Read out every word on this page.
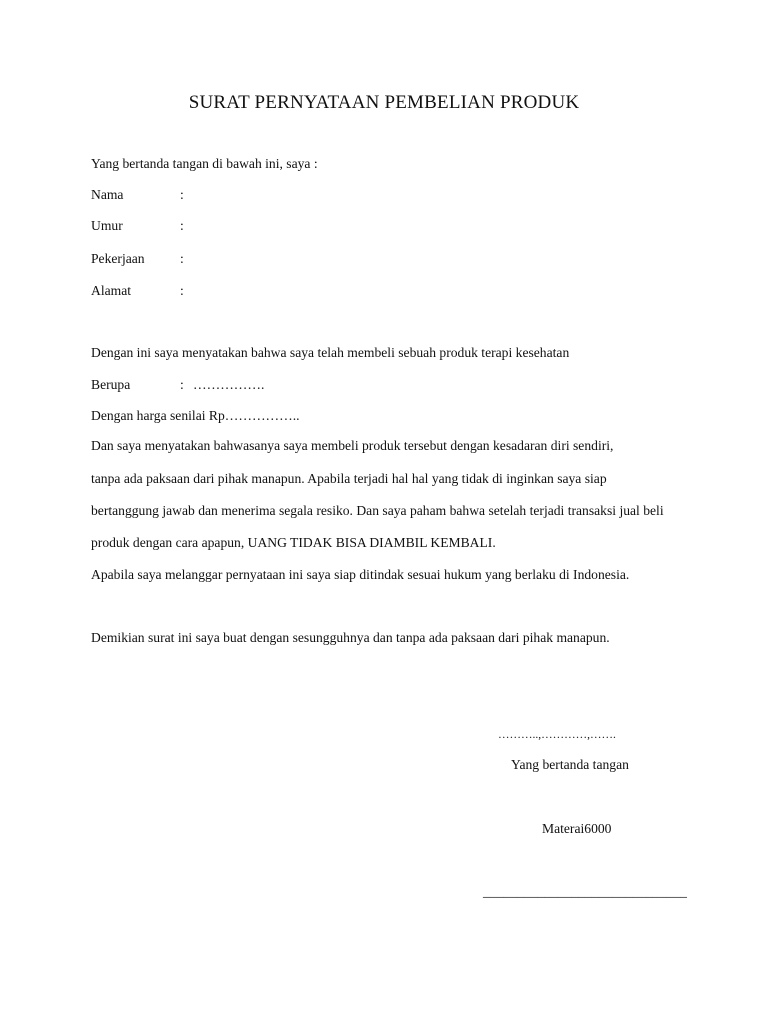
SURAT PERNYATAAN PEMBELIAN PRODUK
Yang bertanda tangan di bawah ini, saya :
Nama	:
Umur	:
Pekerjaan	:
Alamat	:
Dengan ini saya menyatakan bahwa saya telah membeli sebuah produk terapi kesehatan
Berupa	: …………….
Dengan harga senilai Rp……………..
Dan saya menyatakan bahwasanya saya membeli produk tersebut dengan kesadaran diri sendiri,
tanpa ada paksaan dari pihak manapun. Apabila terjadi hal hal yang tidak di inginkan saya siap
bertanggung jawab dan menerima segala resiko. Dan saya paham bahwa setelah terjadi transaksi jual beli
produk dengan cara apapun, UANG TIDAK BISA DIAMBIL KEMBALI.
Apabila saya melanggar pernyataan ini saya siap ditindak sesuai hukum yang berlaku di Indonesia.
Demikian surat ini saya buat dengan sesungguhnya dan tanpa ada paksaan dari pihak manapun.
………..,…………,…….
Yang bertanda tangan
Materai6000
______________________________
